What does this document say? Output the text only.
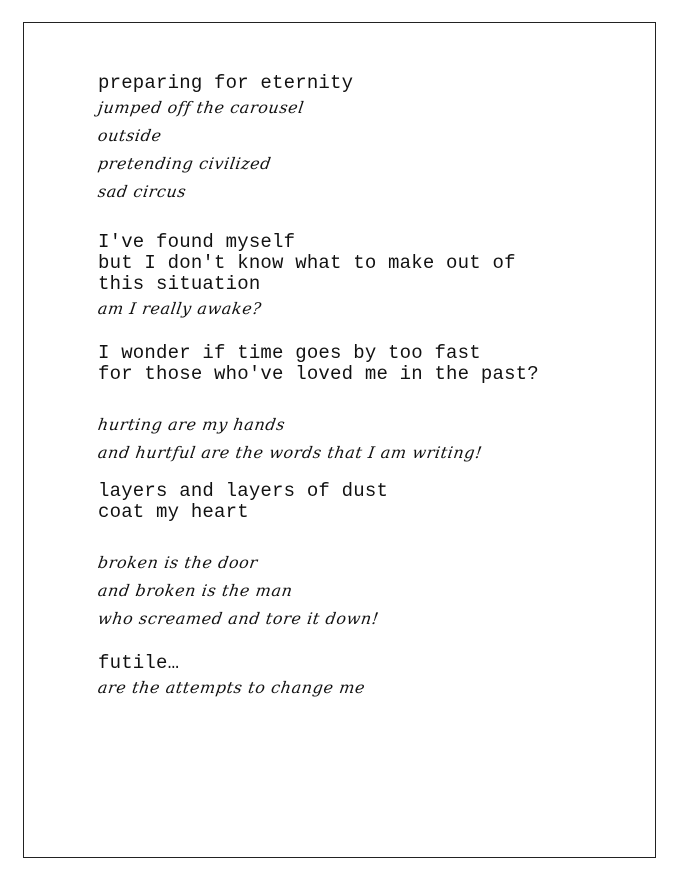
preparing for eternity
jumped off the carousel
outside
pretending civilized
sad circus
I've found myself
but I don't know what to make out of
this situation
am I really awake?
I wonder if time goes by too fast
for those who've loved me in the past?
hurting are my hands
and hurtful are the words that I am writing!
layers and layers of dust
coat my heart
broken is the door
and broken is the man
who screamed and tore it down!
futile…
are the attempts to change me
